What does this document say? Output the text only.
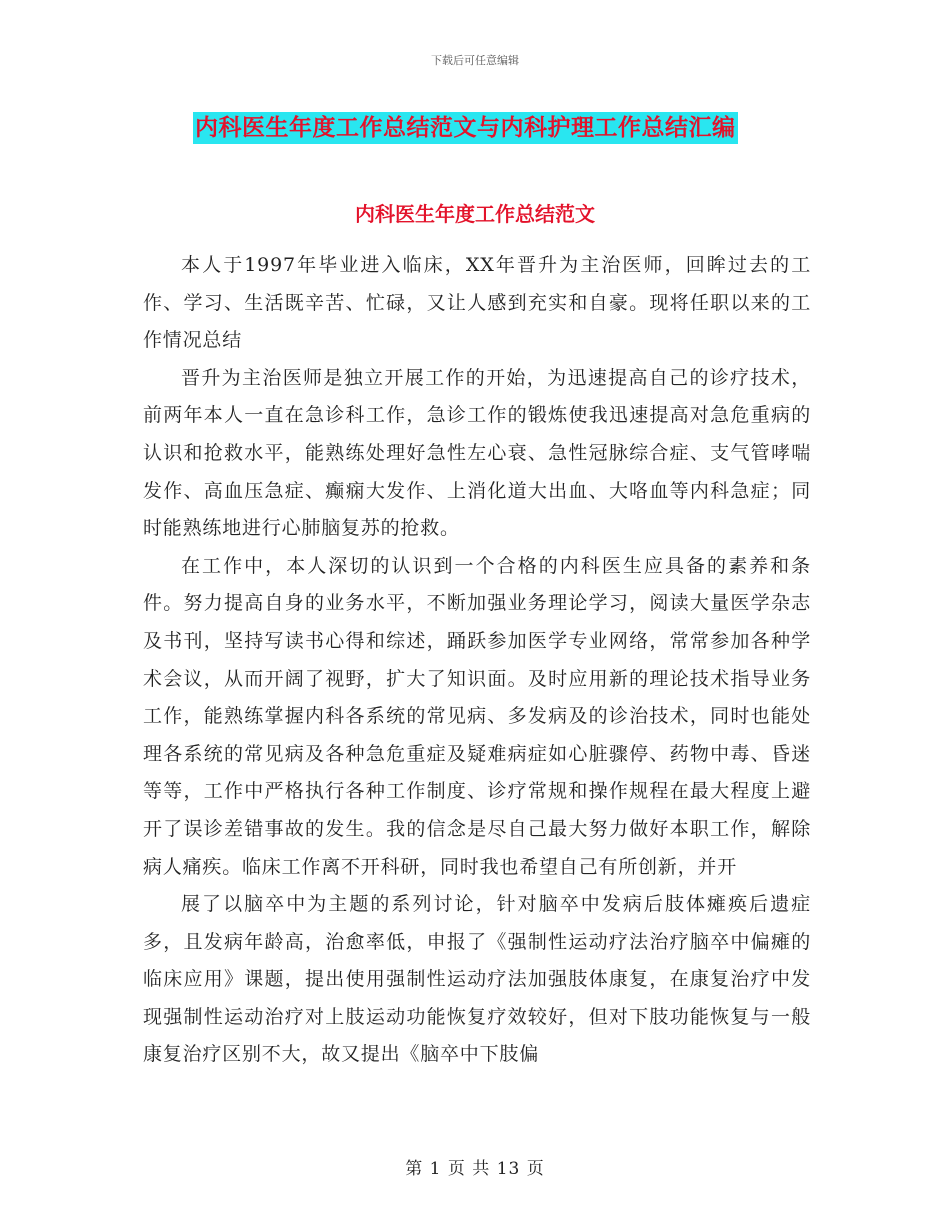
下载后可任意编辑
内科医生年度工作总结范文与内科护理工作总结汇编
内科医生年度工作总结范文

本人于1997年毕业进入临床，XX年晋升为主治医师，回眸过去的工作、学习、生活既辛苦、忙碌，又让人感到充实和自豪。现将任职以来的工作情况总结

晋升为主治医师是独立开展工作的开始，为迅速提高自己的诊疗技术，前两年本人一直在急诊科工作，急诊工作的锻炼使我迅速提高对急危重病的认识和抢救水平，能熟练处理好急性左心衰、急性冠脉综合症、支气管哮喘发作、高血压急症、癫痫大发作、上消化道大出血、大咯血等内科急症；同时能熟练地进行心肺脑复苏的抢救。

在工作中，本人深切的认识到一个合格的内科医生应具备的素养和条件。努力提高自身的业务水平，不断加强业务理论学习，阅读大量医学杂志及书刊，坚持写读书心得和综述，踊跃参加医学专业网络，常常参加各种学术会议，从而开阔了视野，扩大了知识面。及时应用新的理论技术指导业务工作，能熟练掌握内科各系统的常见病、多发病及的诊治技术，同时也能处理各系统的常见病及各种急危重症及疑难病症如心脏骤停、药物中毒、昏迷等等，工作中严格执行各种工作制度、诊疗常规和操作规程在最大程度上避开了误诊差错事故的发生。我的信念是尽自己最大努力做好本职工作，解除病人痛疾。临床工作离不开科研，同时我也希望自己有所创新，并开

展了以脑卒中为主题的系列讨论，针对脑卒中发病后肢体瘫痪后遗症多，且发病年龄高，治愈率低，申报了《强制性运动疗法治疗脑卒中偏瘫的临床应用》课题，提出使用强制性运动疗法加强肢体康复，在康复治疗中发现强制性运动治疗对上肢运动功能恢复疗效较好，但对下肢功能恢复与一般康复治疗区别不大，故又提出《脑卒中下肢偏

第 1 页 共 13 页
